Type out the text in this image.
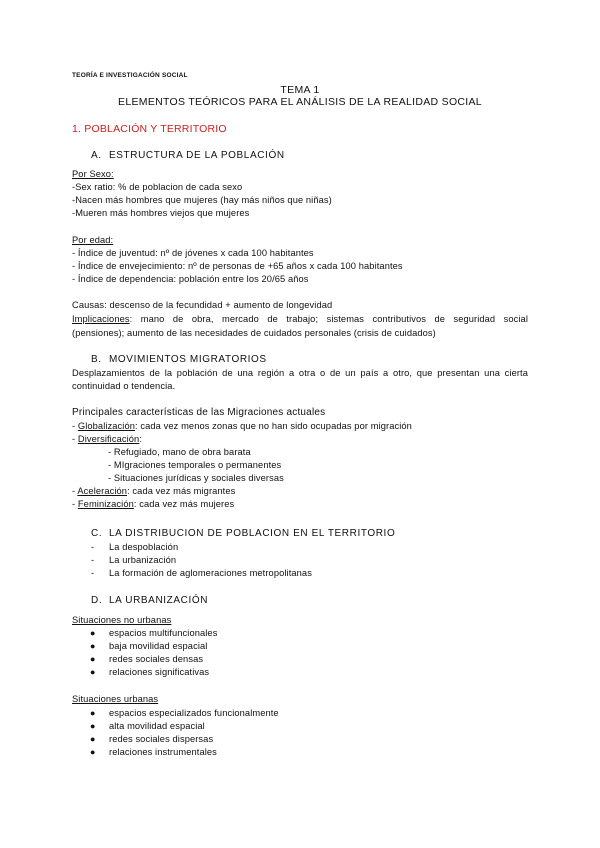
TEORÍA E INVESTIGACIÓN SOCIAL
TEMA 1
ELEMENTOS TEÓRICOS PARA EL ANÁLISIS DE LA REALIDAD SOCIAL
1. POBLACIÓN Y TERRITORIO
A. ESTRUCTURA DE LA POBLACIÓN
Por Sexo:
-Sex ratio: % de poblacion de cada sexo
-Nacen más hombres que mujeres (hay más niños que niñas)
-Mueren más hombres viejos que mujeres
Por edad:
- Índice de juventud: nº de jóvenes x cada 100 habitantes
- Índice de envejecimiento: nº de personas de +65 años x cada 100 habitantes
- Índice de dependencia: población entre los 20/65 años
Causas: descenso de la fecundidad + aumento de longevidad
Implicaciones: mano de obra, mercado de trabajo; sistemas contributivos de seguridad social
(pensiones); aumento de las necesidades de cuidados personales (crisis de cuidados)
B. MOVIMIENTOS MIGRATORIOS
Desplazamientos de la población de una región a otra o de un país a otro, que presentan una cierta
continuidad o tendencia.
Principales características de las Migraciones actuales
- Globalización: cada vez menos zonas que no han sido ocupadas por migración
- Diversificación:
- Refugiado, mano de obra barata
- MIgraciones temporales o permanentes
- Situaciones jurídicas y sociales diversas
- Aceleración: cada vez más migrantes
- Feminización: cada vez más mujeres
C. LA DISTRIBUCION DE POBLACION EN EL TERRITORIO
- La despoblación
- La urbanización
- La formación de aglomeraciones metropolitanas
D. LA URBANIZACIÓN
Situaciones no urbanas
● espacios multifuncionales
● baja movilidad espacial
● redes sociales densas
● relaciones significativas
Situaciones urbanas
● espacios especializados funcionalmente
● alta movilidad espacial
● redes sociales dispersas
● relaciones instrumentales
